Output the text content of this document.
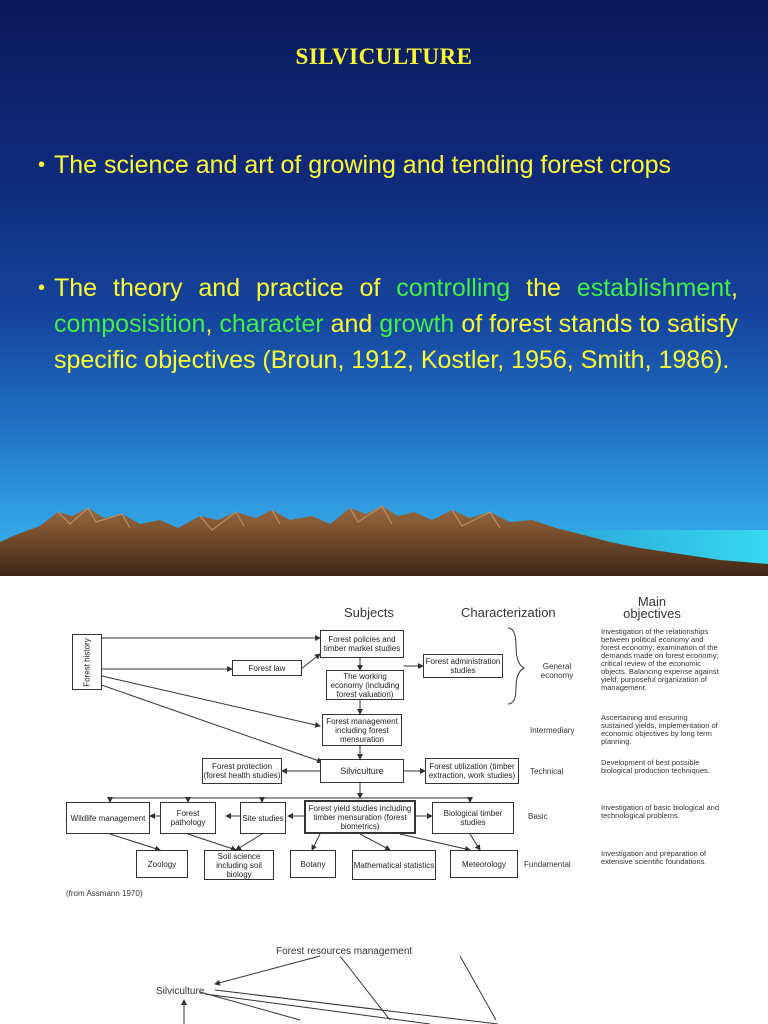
SILVICULTURE
• The science and art of growing and tending forest crops
• The theory and practice of controlling the establishment, composisition, character and growth of forest stands to satisfy specific objectives (Broun, 1912, Kostler, 1956, Smith, 1986).
Subjects	Characterization
Main objectives
Forest history	Forest policies and timber market studies
Forest law
Forest administration studies
The working economy (including forest valuation)
Forest management including forest mensuration
Forest protection (forest health studies)	Silviculture	Forest utilization (timber extraction, work studies)
Wildlife management	Forest pathology	Site studies
Forest yield studies including timber mensuration (forest biometrics)
Biological timber studies
Zoology
Soil science including soil biology
Botany	Mathematical statistics	Meteorology
General economy
Intermediary
Technical
Basic
Fundamental
Investigation of the relationships between political economy and forest economy; examination of the demands made on forest economy; critical review of the economic objects. Balancing expense against yield; purposeful organization of management.
Ascertaining and ensuring sustained yields, implementation of economic objectives by long term planning.
Development of best possible biological production techniques.
Investigation of basic biological and technological problems.
Investigation and preparation of extensive scientific foundations.
(from Assmann 1970)
Forest resources management
Silviculture
